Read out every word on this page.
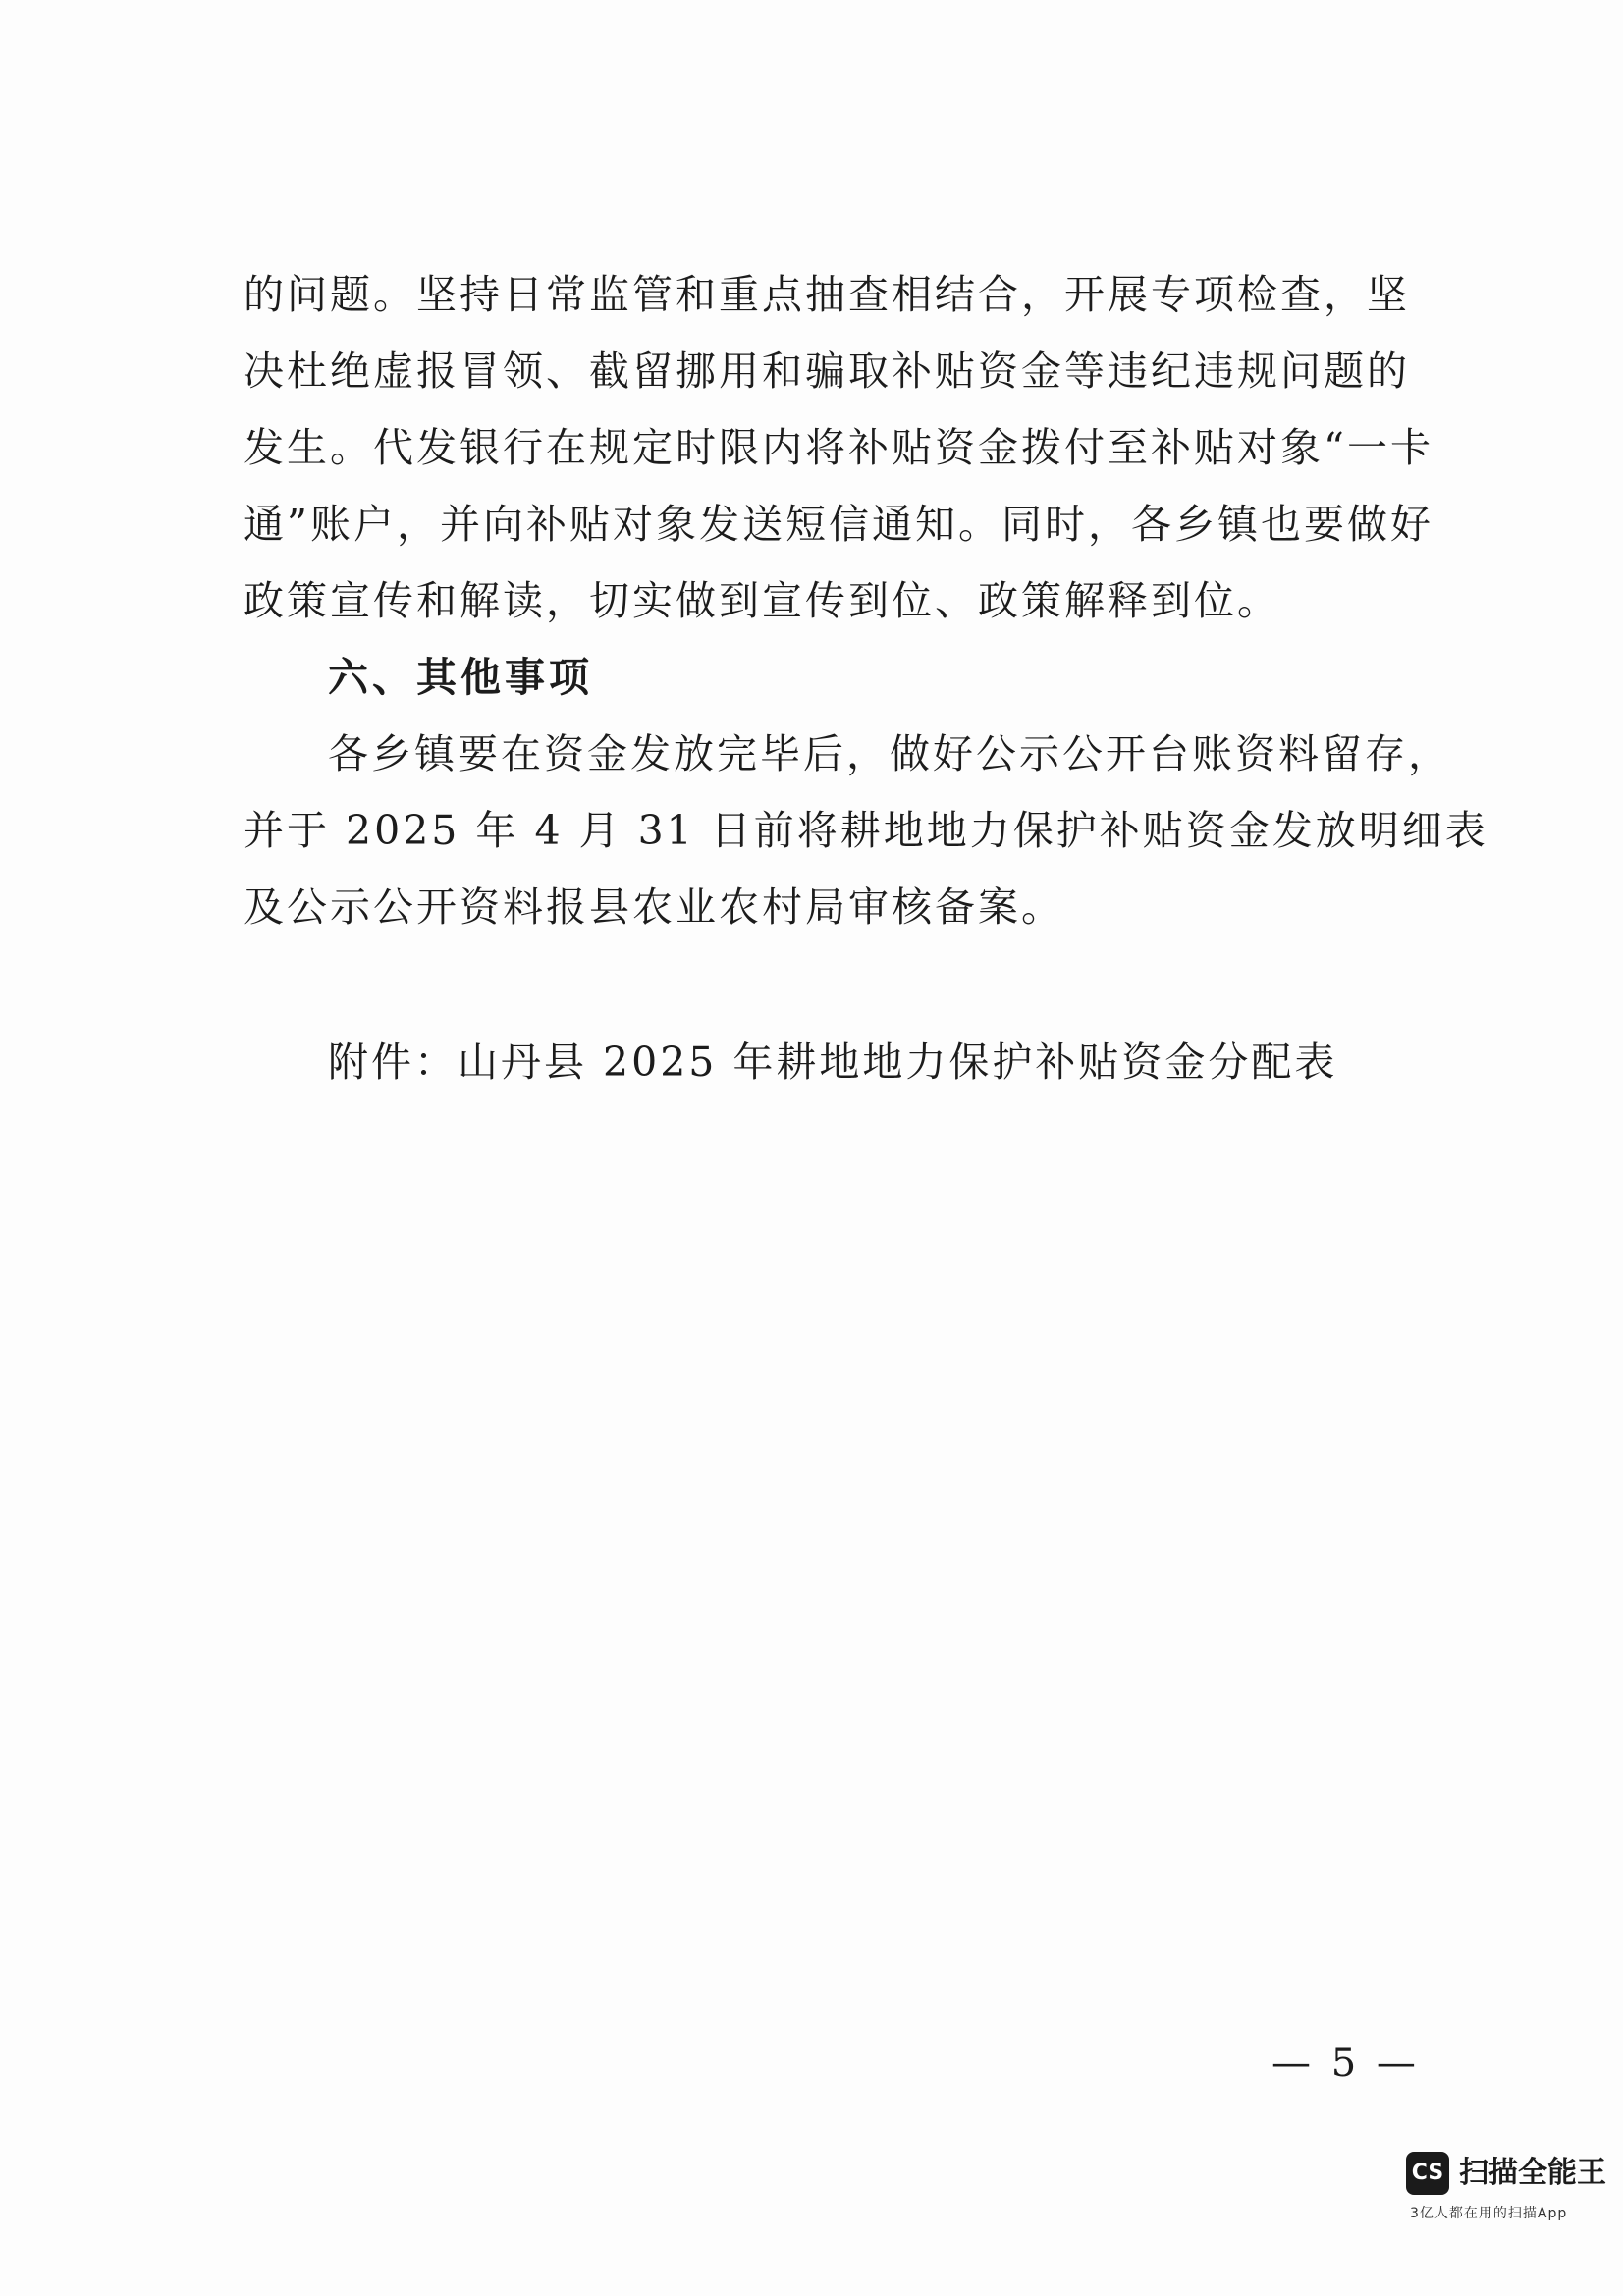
的问题。坚持日常监管和重点抽查相结合，开展专项检查，坚
决杜绝虚报冒领、截留挪用和骗取补贴资金等违纪违规问题的
发生。代发银行在规定时限内将补贴资金拨付至补贴对象“一卡
通”账户，并向补贴对象发送短信通知。同时，各乡镇也要做好
政策宣传和解读，切实做到宣传到位、政策解释到位。
六、其他事项
各乡镇要在资金发放完毕后，做好公示公开台账资料留存，
并于 2025 年 4 月 31 日前将耕地地力保护补贴资金发放明细表
及公示公开资料报县农业农村局审核备案。
附件：山丹县 2025 年耕地地力保护补贴资金分配表
— 5 —
CS 扫描全能王
3亿人都在用的扫描App
